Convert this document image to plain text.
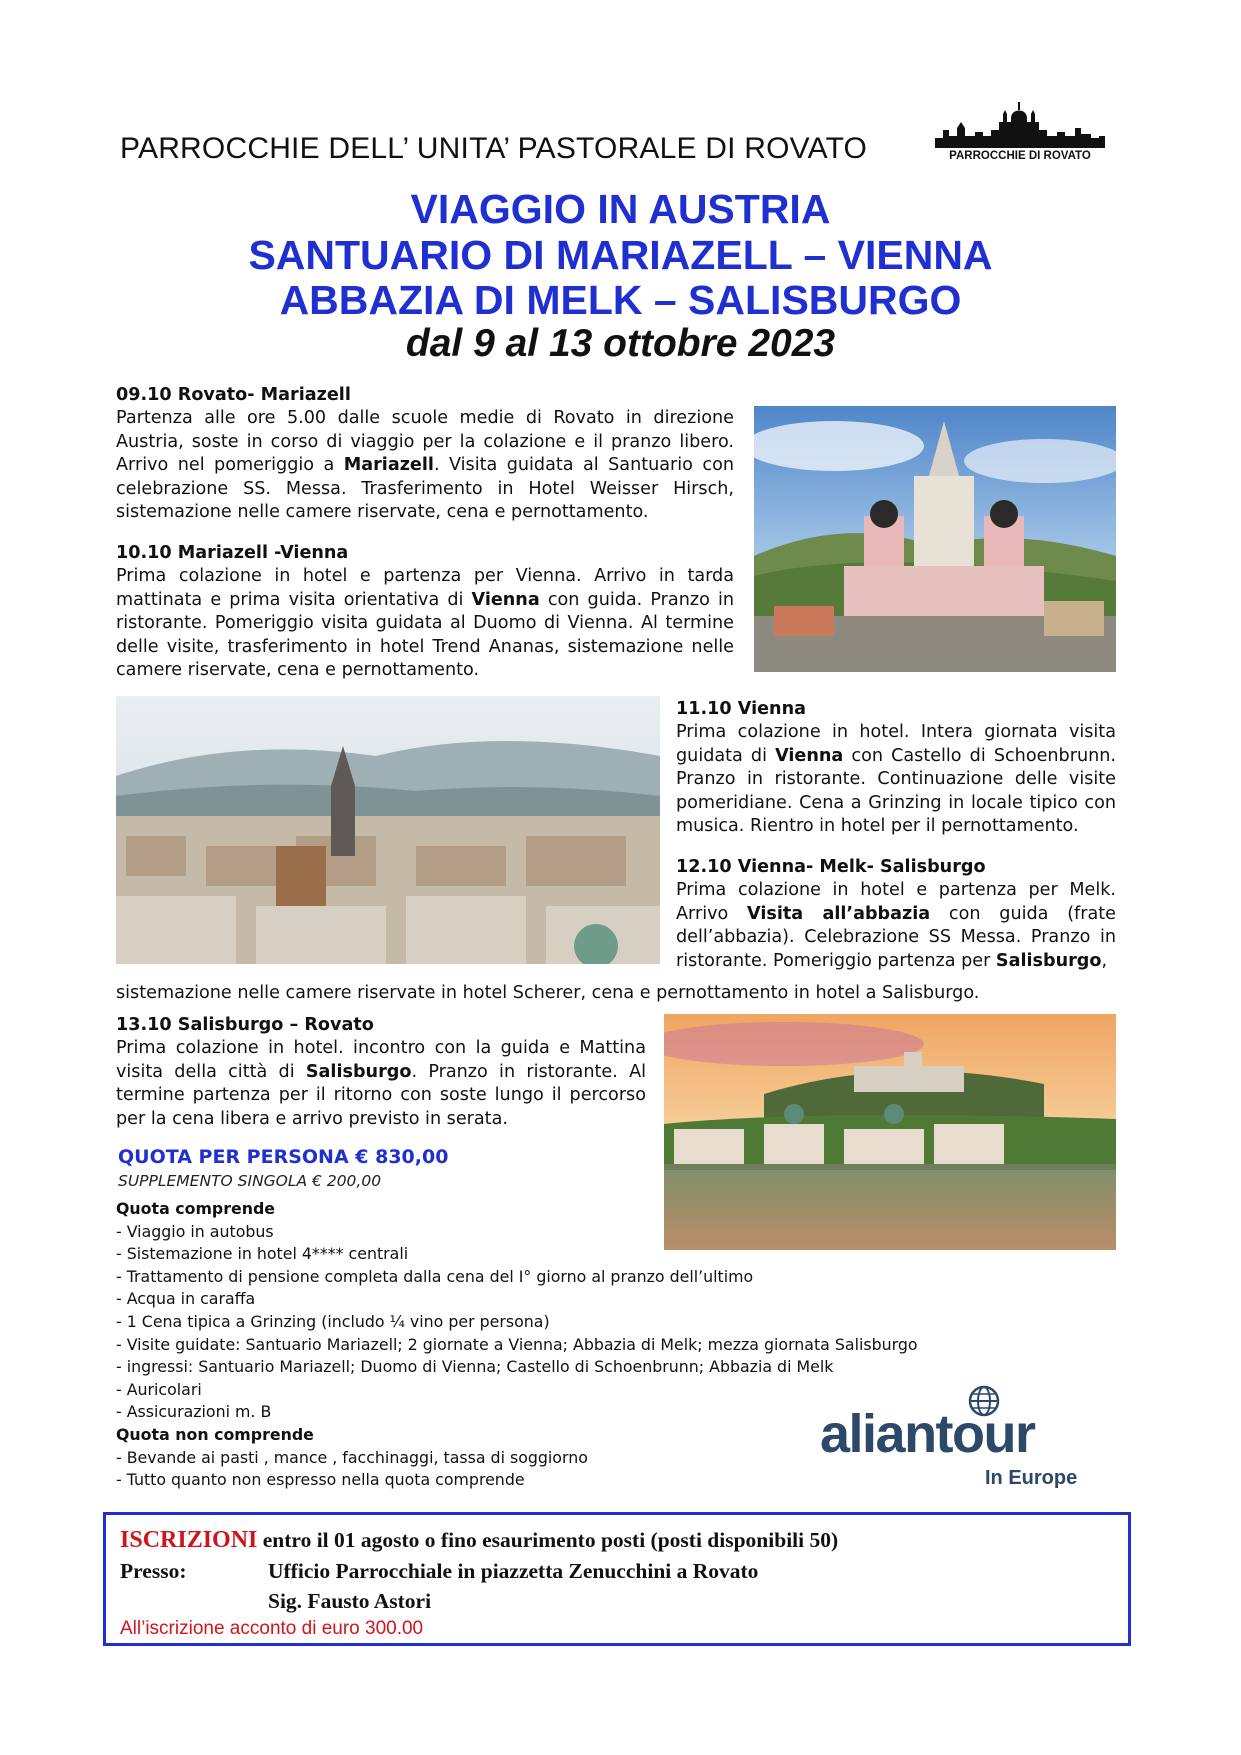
PARROCCHIE DELL’ UNITA’ PASTORALE DI ROVATO	PARROCCHIE DI ROVATO
VIAGGIO IN AUSTRIA
SANTUARIO DI MARIAZELL – VIENNA
ABBAZIA DI MELK – SALISBURGO
dal 9 al 13 ottobre 2023
09.10 Rovato- Mariazell
Partenza alle ore 5.00 dalle scuole medie di Rovato in direzione Austria, soste in corso di viaggio per la colazione e il pranzo libero. Arrivo nel pomeriggio a Mariazell. Visita guidata al Santuario con celebrazione SS. Messa. Trasferimento in Hotel Weisser Hirsch, sistemazione nelle camere riservate, cena e pernottamento.
10.10 Mariazell -Vienna
Prima colazione in hotel e partenza per Vienna. Arrivo in tarda mattinata e prima visita orientativa di Vienna con guida. Pranzo in ristorante. Pomeriggio visita guidata al Duomo di Vienna. Al termine delle visite, trasferimento in hotel Trend Ananas, sistemazione nelle camere riservate, cena e pernottamento.
11.10 Vienna
Prima colazione in hotel. Intera giornata visita guidata di Vienna con Castello di Schoenbrunn. Pranzo in ristorante. Continuazione delle visite pomeridiane. Cena a Grinzing in locale tipico con musica. Rientro in hotel per il pernottamento.
12.10 Vienna- Melk- Salisburgo
Prima colazione in hotel e partenza per Melk. Arrivo Visita all’abbazia con guida (frate dell’abbazia). Celebrazione SS Messa. Pranzo in ristorante. Pomeriggio partenza per Salisburgo,
sistemazione nelle camere riservate in hotel Scherer, cena e pernottamento in hotel a Salisburgo.
13.10 Salisburgo – Rovato
Prima colazione in hotel. incontro con la guida e Mattina visita della città di Salisburgo. Pranzo in ristorante. Al termine partenza per il ritorno con soste lungo il percorso per la cena libera e arrivo previsto in serata.
QUOTA PER PERSONA € 830,00
SUPPLEMENTO SINGOLA € 200,00
Quota comprende
- Viaggio in autobus
- Sistemazione in hotel 4**** centrali
- Trattamento di pensione completa dalla cena del I° giorno al pranzo dell’ultimo
- Acqua in caraffa
- 1 Cena tipica a Grinzing (includo ¼ vino per persona)
- Visite guidate: Santuario Mariazell; 2 giornate a Vienna; Abbazia di Melk; mezza giornata Salisburgo
- ingressi: Santuario Mariazell; Duomo di Vienna; Castello di Schoenbrunn; Abbazia di Melk
- Auricolari
- Assicurazioni m. B
Quota non comprende
- Bevande ai pasti , mance , facchinaggi, tassa di soggiorno
- Tutto quanto non espresso nella quota comprende
aliantour
In Europe
ISCRIZIONI entro il 01 agosto o fino esaurimento posti (posti disponibili 50)
Presso:	Ufficio Parrocchiale in piazzetta Zenucchini a Rovato
Sig. Fausto Astori
All’iscrizione acconto di euro 300.00
